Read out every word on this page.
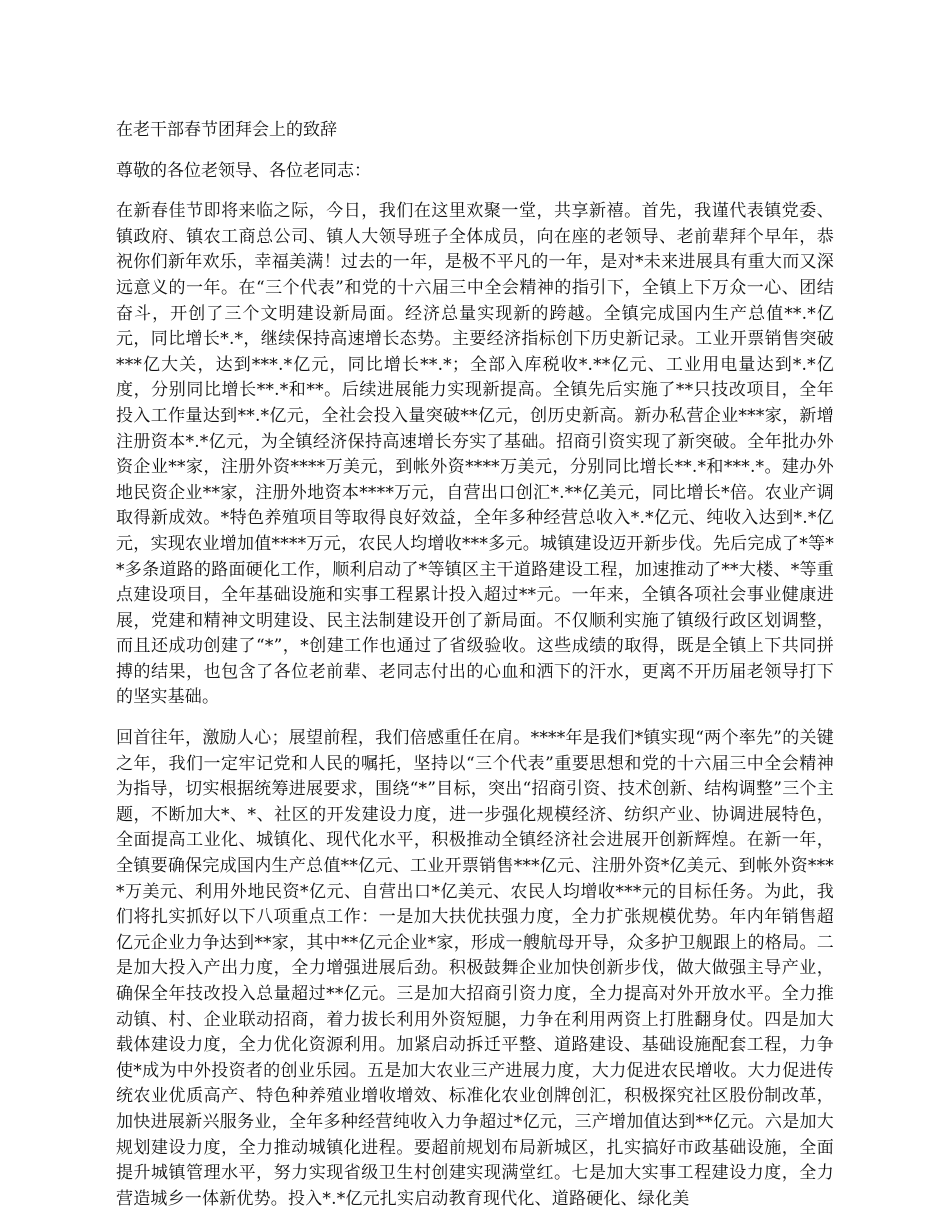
在老干部春节团拜会上的致辞
尊敬的各位老领导、各位老同志：
在新春佳节即将来临之际，今日，我们在这里欢聚一堂，共享新禧。首先，我谨代表镇党委、镇政府、镇农工商总公司、镇人大领导班子全体成员，向在座的老领导、老前辈拜个早年，恭祝你们新年欢乐，幸福美满！过去的一年，是极不平凡的一年，是对*未来进展具有重大而又深远意义的一年。在“三个代表”和党的十六届三中全会精神的指引下，全镇上下万众一心、团结奋斗，开创了三个文明建设新局面。经济总量实现新的跨越。全镇完成国内生产总值**.*亿元，同比增长*.*，继续保持高速增长态势。主要经济指标创下历史新记录。工业开票销售突破***亿大关，达到***.*亿元，同比增长**.*；全部入库税收*.**亿元、工业用电量达到*.*亿度，分别同比增长**.*和**。后续进展能力实现新提高。全镇先后实施了**只技改项目，全年投入工作量达到**.*亿元，全社会投入量突破**亿元，创历史新高。新办私营企业***家，新增注册资本*.*亿元，为全镇经济保持高速增长夯实了基础。招商引资实现了新突破。全年批办外资企业**家，注册外资****万美元，到帐外资****万美元，分别同比增长**.*和***.*。建办外地民资企业**家，注册外地资本****万元，自营出口创汇*.**亿美元，同比增长*倍。农业产调取得新成效。*特色养殖项目等取得良好效益，全年多种经营总收入*.*亿元、纯收入达到*.*亿元，实现农业增加值****万元，农民人均增收***多元。城镇建设迈开新步伐。先后完成了*等**多条道路的路面硬化工作，顺利启动了*等镇区主干道路建设工程，加速推动了**大楼、*等重点建设项目，全年基础设施和实事工程累计投入超过**元。一年来，全镇各项社会事业健康进展，党建和精神文明建设、民主法制建设开创了新局面。不仅顺利实施了镇级行政区划调整，而且还成功创建了“*”，*创建工作也通过了省级验收。这些成绩的取得，既是全镇上下共同拼搏的结果，也包含了各位老前辈、老同志付出的心血和洒下的汗水，更离不开历届老领导打下的坚实基础。
回首往年，激励人心；展望前程，我们倍感重任在肩。****年是我们*镇实现“两个率先”的关键之年，我们一定牢记党和人民的嘱托，坚持以“三个代表”重要思想和党的十六届三中全会精神为指导，切实根据统筹进展要求，围绕“*”目标，突出“招商引资、技术创新、结构调整”三个主题，不断加大*、*、社区的开发建设力度，进一步强化规模经济、纺织产业、协调进展特色，全面提高工业化、城镇化、现代化水平，积极推动全镇经济社会进展开创新辉煌。在新一年，全镇要确保完成国内生产总值**亿元、工业开票销售***亿元、注册外资*亿美元、到帐外资****万美元、利用外地民资*亿元、自营出口*亿美元、农民人均增收***元的目标任务。为此，我们将扎实抓好以下八项重点工作：一是加大扶优扶强力度，全力扩张规模优势。年内年销售超亿元企业力争达到**家，其中**亿元企业*家，形成一艘航母开导，众多护卫舰跟上的格局。二是加大投入产出力度，全力增强进展后劲。积极鼓舞企业加快创新步伐，做大做强主导产业，确保全年技改投入总量超过**亿元。三是加大招商引资力度，全力提高对外开放水平。全力推动镇、村、企业联动招商，着力拔长利用外资短腿，力争在利用两资上打胜翻身仗。四是加大载体建设力度，全力优化资源利用。加紧启动拆迁平整、道路建设、基础设施配套工程，力争使*成为中外投资者的创业乐园。五是加大农业三产进展力度，大力促进农民增收。大力促进传统农业优质高产、特色种养殖业增收增效、标准化农业创牌创汇，积极探究社区股份制改革，加快进展新兴服务业，全年多种经营纯收入力争超过*亿元，三产增加值达到**亿元。六是加大规划建设力度，全力推动城镇化进程。要超前规划布局新城区，扎实搞好市政基础设施，全面提升城镇管理水平，努力实现省级卫生村创建实现满堂红。七是加大实事工程建设力度，全力营造城乡一体新优势。投入*.*亿元扎实启动教育现代化、道路硬化、绿化美
